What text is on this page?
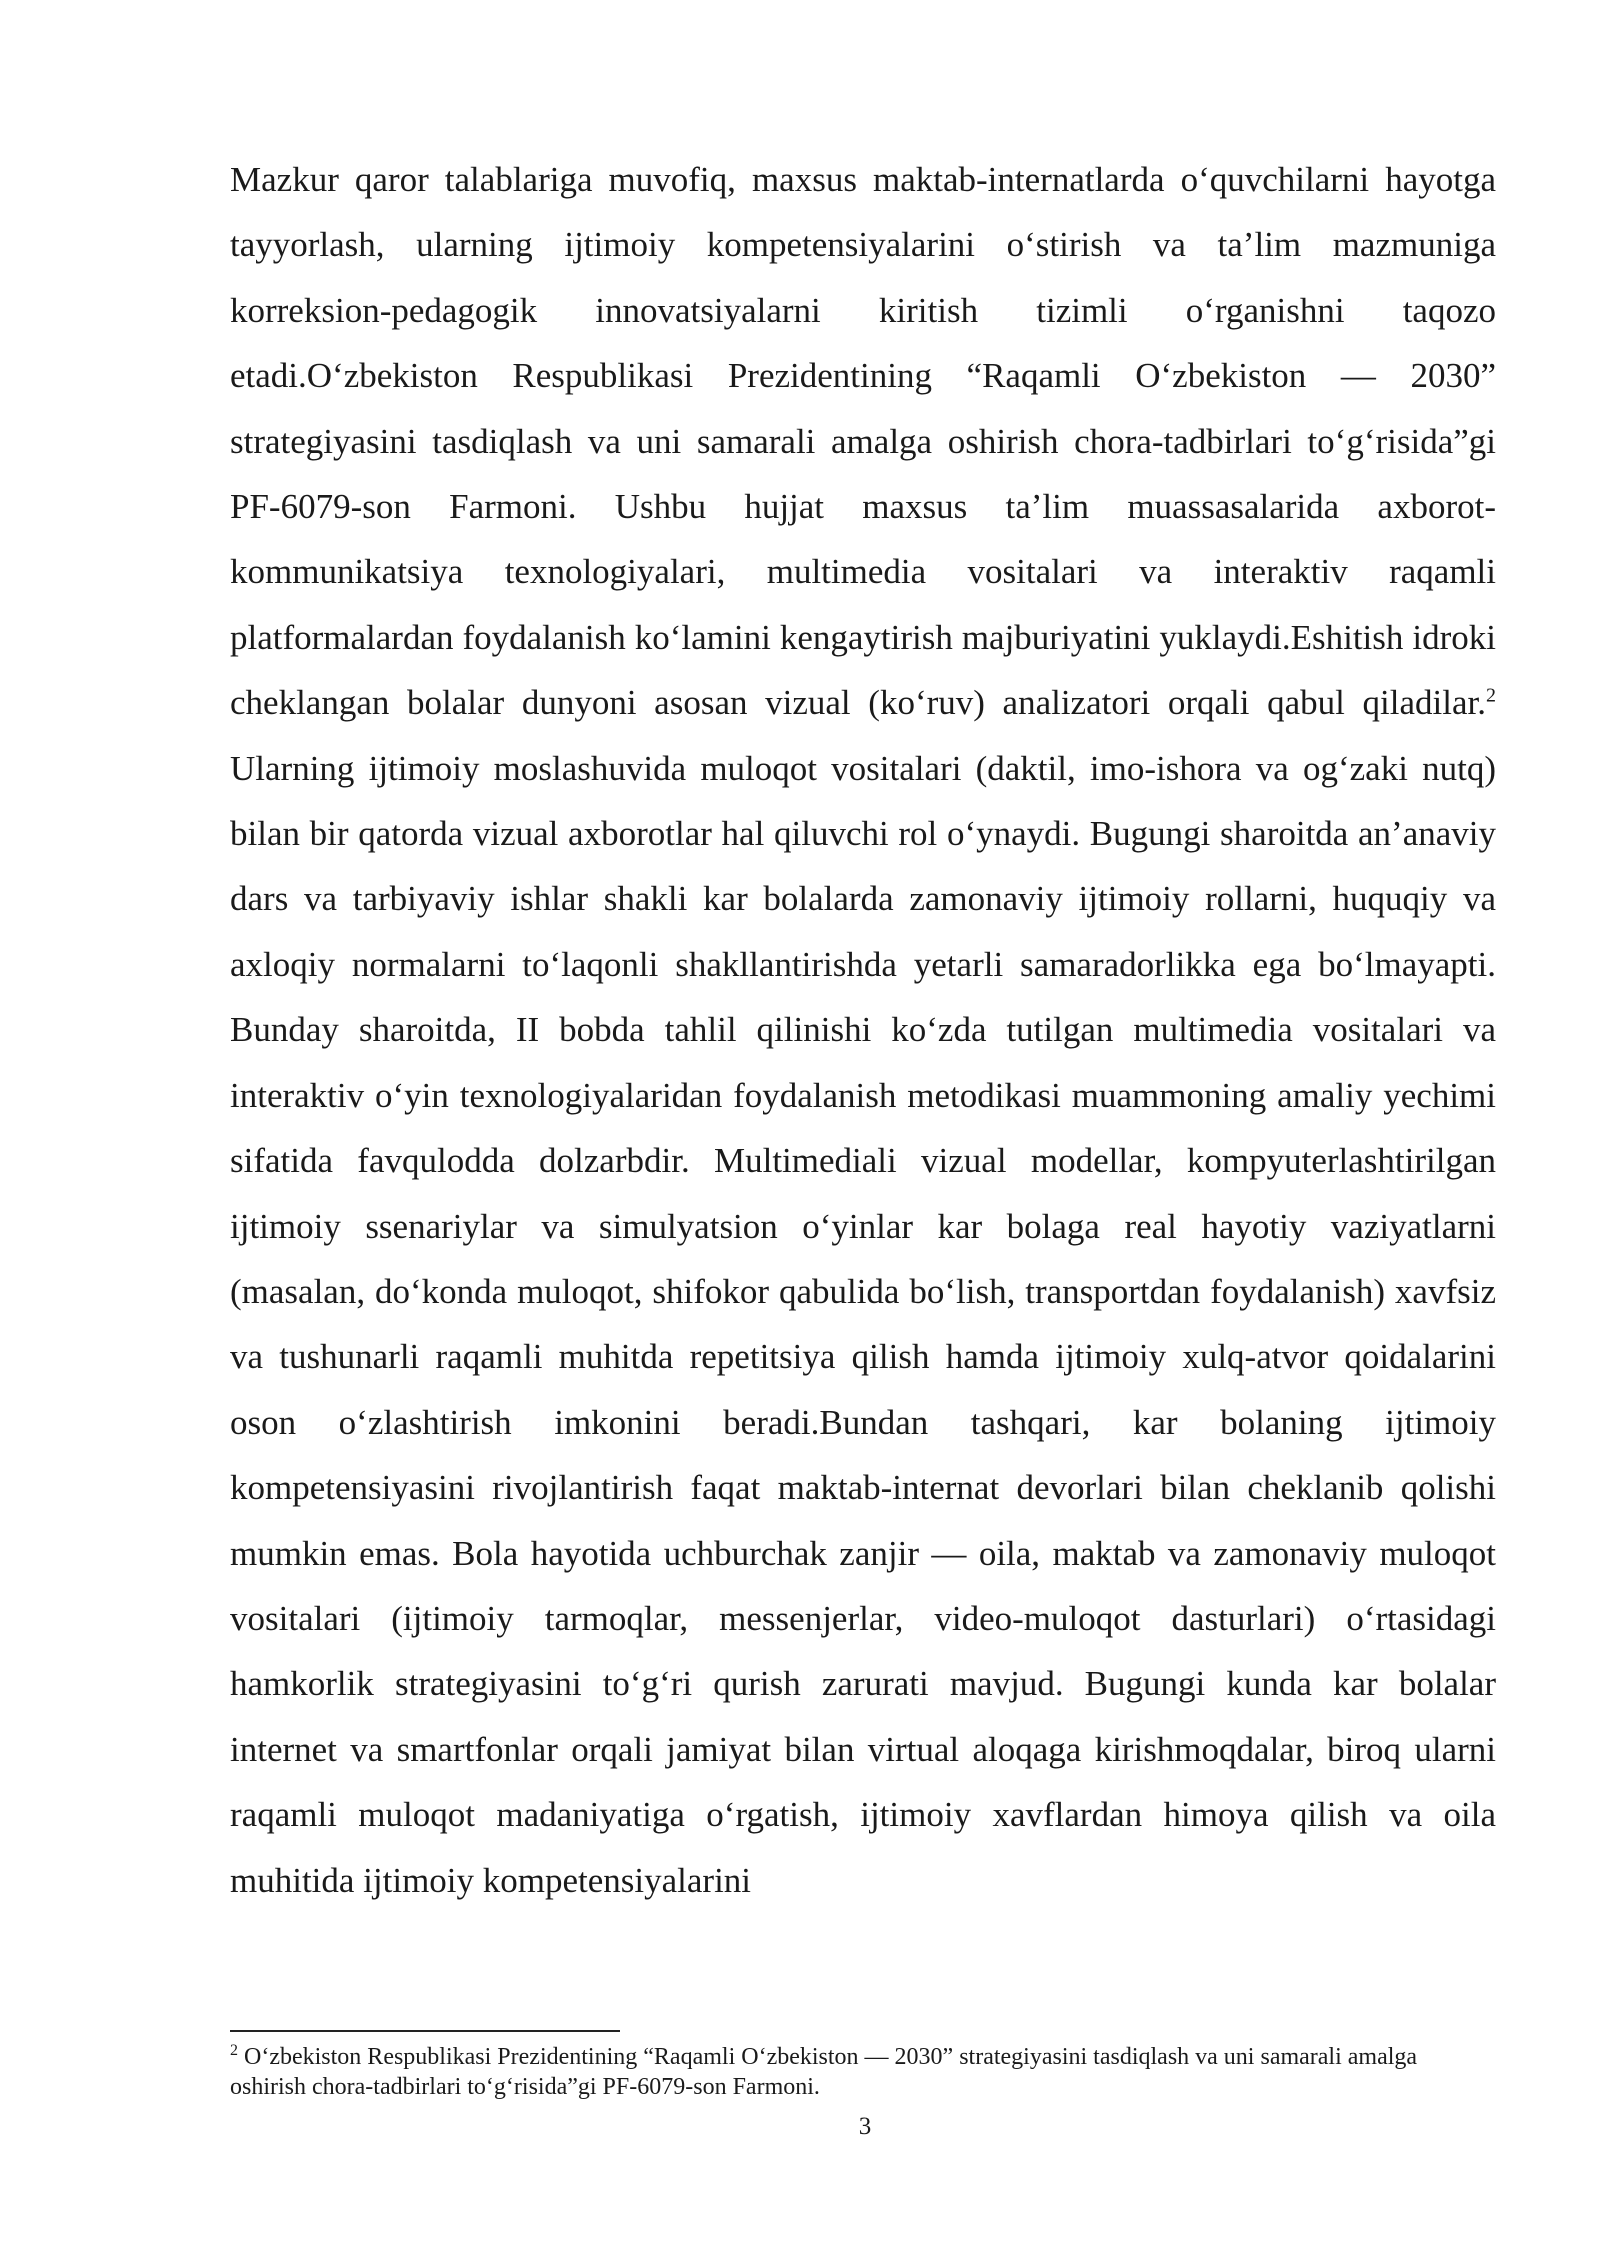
Mazkur qaror talablariga muvofiq, maxsus maktab-internatlarda o‘quvchilarni hayotga tayyorlash, ularning ijtimoiy kompetensiyalarini o‘stirish va ta’lim mazmuniga korreksion-pedagogik innovatsiyalarni kiritish tizimli o‘rganishni taqozo etadi.O‘zbekiston Respublikasi Prezidentining “Raqamli O‘zbekiston — 2030” strategiyasini tasdiqlash va uni samarali amalga oshirish chora-tadbirlari to‘g‘risida”gi PF-6079-son Farmoni. Ushbu hujjat maxsus ta’lim muassasalarida axborot-kommunikatsiya texnologiyalari, multimedia vositalari va interaktiv raqamli platformalardan foydalanish ko‘lamini kengaytirish majburiyatini yuklaydi.Eshitish idroki cheklangan bolalar dunyoni asosan vizual (ko‘ruv) analizatori orqali qabul qiladilar.$^2$ Ularning ijtimoiy moslashuvida muloqot vositalari (daktil, imo-ishora va og‘zaki nutq) bilan bir qatorda vizual axborotlar hal qiluvchi rol o‘ynaydi. Bugungi sharoitda an’anaviy dars va tarbiyaviy ishlar shakli kar bolalarda zamonaviy ijtimoiy rollarni, huquqiy va axloqiy normalarni to‘laqonli shakllantirishda yetarli samaradorlikka ega bo‘lmayapti. Bunday sharoitda, II bobda tahlil qilinishi ko‘zda tutilgan multimedia vositalari va interaktiv o‘yin texnologiyalaridan foydalanish metodikasi muammoning amaliy yechimi sifatida favqulodda dolzarbdir. Multimediali vizual modellar, kompyuterlashtirilgan ijtimoiy ssenariylar va simulyatsion o‘yinlar kar bolaga real hayotiy vaziyatlarni (masalan, do‘konda muloqot, shifokor qabulida bo‘lish, transportdan foydalanish) xavfsiz va tushunarli raqamli muhitda repetitsiya qilish hamda ijtimoiy xulq-atvor qoidalarini oson o‘zlashtirish imkonini beradi.Bundan tashqari, kar bolaning ijtimoiy kompetensiyasini rivojlantirish faqat maktab-internat devorlari bilan cheklanib qolishi mumkin emas. Bola hayotida uchburchak zanjir — oila, maktab va zamonaviy muloqot vositalari (ijtimoiy tarmoqlar, messenjerlar, video-muloqot dasturlari) o‘rtasidagi hamkorlik strategiyasini to‘g‘ri qurish zarurati mavjud. Bugungi kunda kar bolalar internet va smartfonlar orqali jamiyat bilan virtual aloqaga kirishmoqdalar, biroq ularni raqamli muloqot madaniyatiga o‘rgatish, ijtimoiy xavflardan himoya qilish va oila muhitida ijtimoiy kompetensiyalarini

$^2$ O‘zbekiston Respublikasi Prezidentining “Raqamli O‘zbekiston — 2030” strategiyasini tasdiqlash va uni samarali amalga oshirish chora-tadbirlari to‘g‘risida”gi PF-6079-son Farmoni.

3
